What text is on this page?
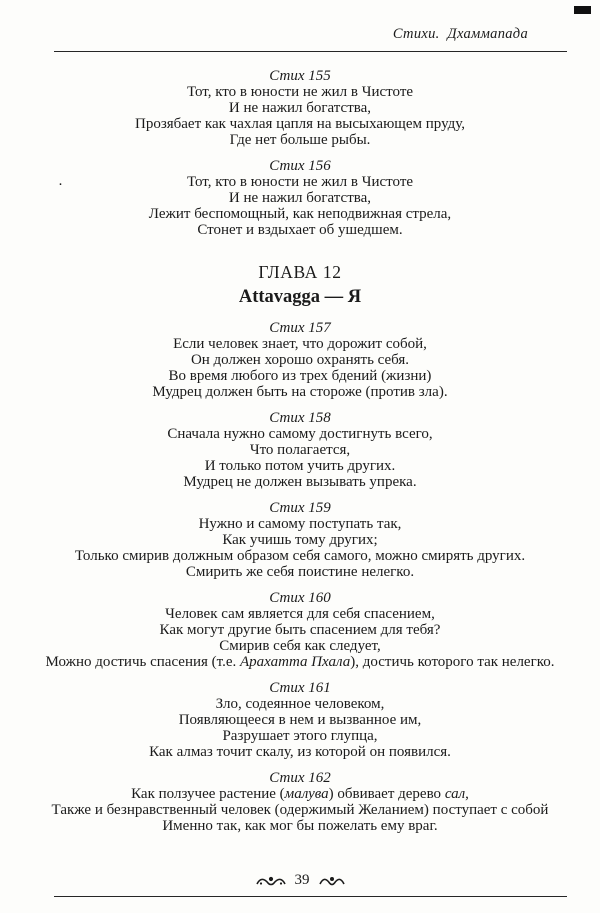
Стихи.  Дхаммапада
Стих 155
Тот, кто в юности не жил в Чистоте
И не нажил богатства,
Прозябает как чахлая цапля на высыхающем пруду,
Где нет больше рыбы.
·
Стих 156
Тот, кто в юности не жил в Чистоте
И не нажил богатства,
Лежит беспомощный, как неподвижная стрела,
Стонет и вздыхает об ушедшем.
ГЛАВА 12
Attavagga — Я
Стих 157
Если человек знает, что дорожит собой,
Он должен хорошо охранять себя.
Во время любого из трех бдений (жизни)
Мудрец должен быть на стороже (против зла).
Стих 158
Сначала нужно самому достигнуть всего,
Что полагается,
И только потом учить других.
Мудрец не должен вызывать упрека.
Стих 159
Нужно и самому поступать так,
Как учишь тому других;
Только смирив должным образом себя самого, можно смирять других.
Смирить же себя поистине нелегко.
Стих 160
Человек сам является для себя спасением,
Как могут другие быть спасением для тебя?
Смирив себя как следует,
Можно достичь спасения (т.е. Арахатта Пхала), достичь которого так нелегко.
Стих 161
Зло, содеянное человеком,
Появляющееся в нем и вызванное им,
Разрушает этого глупца,
Как алмаз точит скалу, из которой он появился.
Стих 162
Как ползучее растение (малува) обвивает дерево сал,
Также и безнравственный человек (одержимый Желанием) поступает с собой
Именно так, как мог бы пожелать ему враг.
39
